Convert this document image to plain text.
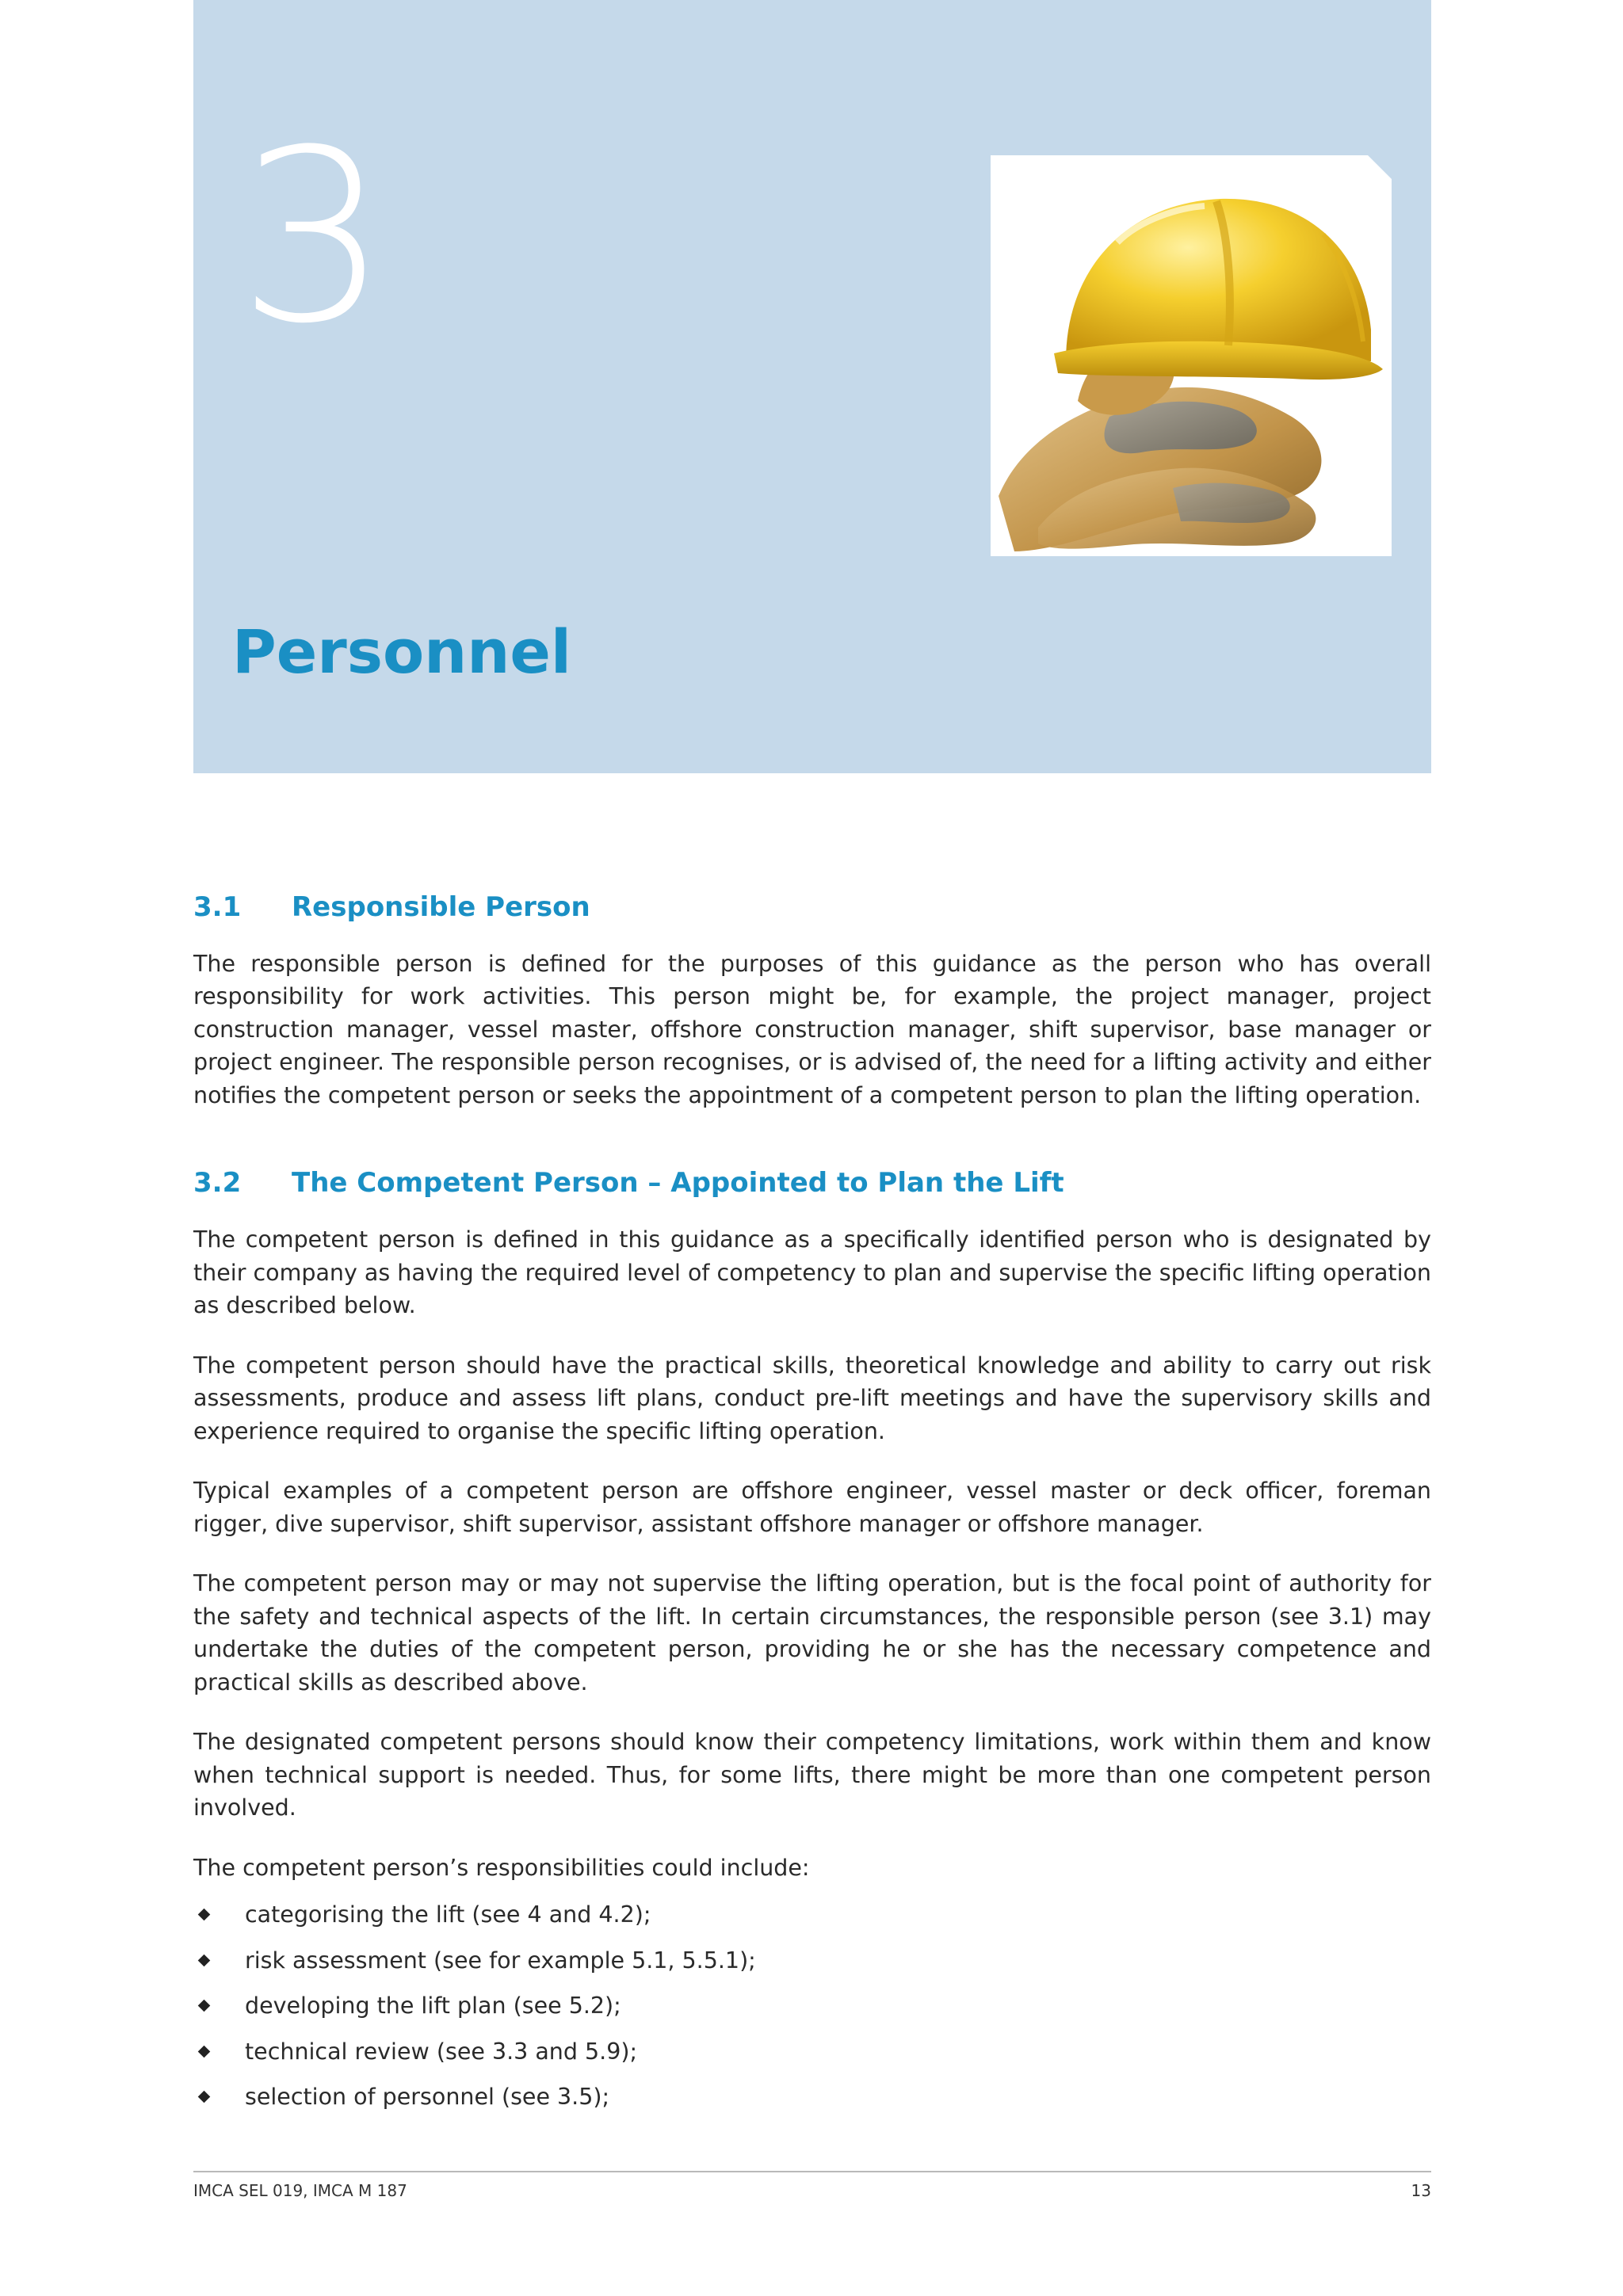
3
Personnel
3.1	Responsible Person

The responsible person is defined for the purposes of this guidance as the person who has overall responsibility for work activities. This person might be, for example, the project manager, project construction manager, vessel master, offshore construction manager, shift supervisor, base manager or project engineer. The responsible person recognises, or is advised of, the need for a lifting activity and either notifies the competent person or seeks the appointment of a competent person to plan the lifting operation.

3.2	The Competent Person – Appointed to Plan the Lift

The competent person is defined in this guidance as a specifically identified person who is designated by their company as having the required level of competency to plan and supervise the specific lifting operation as described below.

The competent person should have the practical skills, theoretical knowledge and ability to carry out risk assessments, produce and assess lift plans, conduct pre-lift meetings and have the supervisory skills and experience required to organise the specific lifting operation.

Typical examples of a competent person are offshore engineer, vessel master or deck officer, foreman rigger, dive supervisor, shift supervisor, assistant offshore manager or offshore manager.

The competent person may or may not supervise the lifting operation, but is the focal point of authority for the safety and technical aspects of the lift. In certain circumstances, the responsible person (see 3.1) may undertake the duties of the competent person, providing he or she has the necessary competence and practical skills as described above.

The designated competent persons should know their competency limitations, work within them and know when technical support is needed. Thus, for some lifts, there might be more than one competent person involved.

The competent person’s responsibilities could include:

categorising the lift (see 4 and 4.2);
risk assessment (see for example 5.1, 5.5.1);
developing the lift plan (see 5.2);
technical review (see 3.3 and 5.9);
selection of personnel (see 3.5);
IMCA SEL 019, IMCA M 187	13
